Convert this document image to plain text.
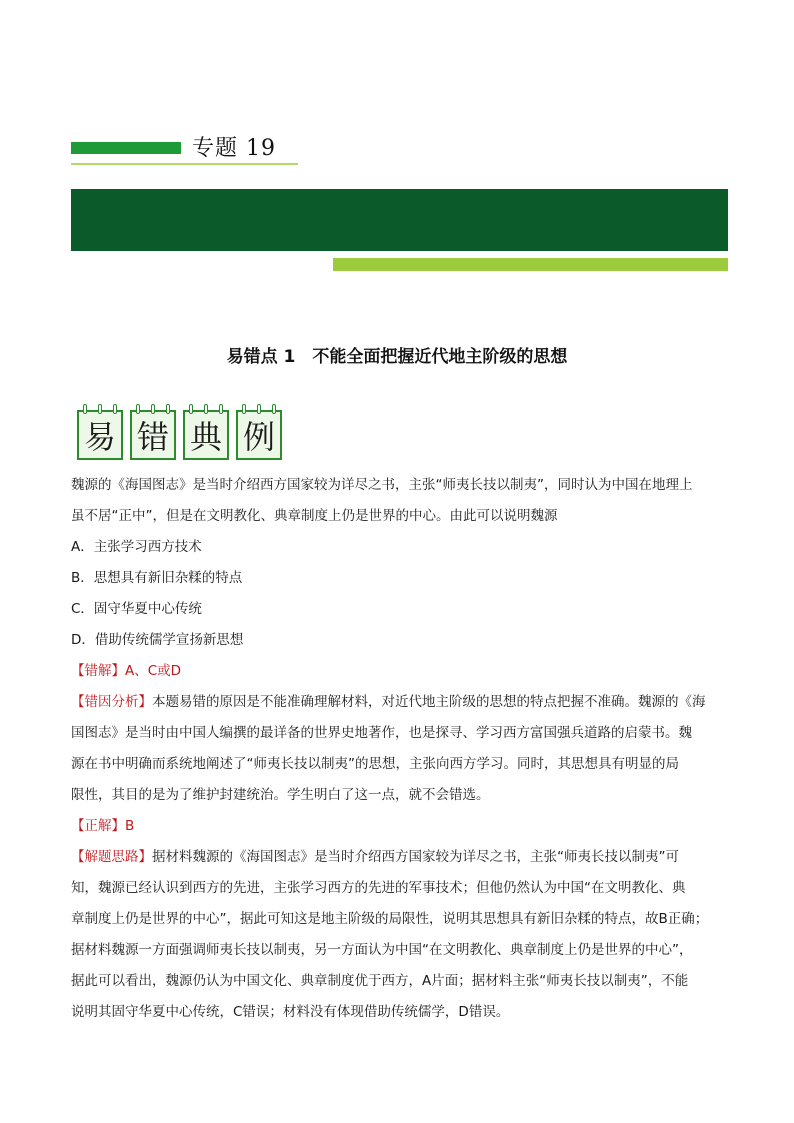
专题 19
易错点 1　不能全面把握近代地主阶级的思想
易 错 典 例
魏源的《海国图志》是当时介绍西方国家较为详尽之书，主张“师夷长技以制夷”，同时认为中国在地理上
虽不居“正中”，但是在文明教化、典章制度上仍是世界的中心。由此可以说明魏源
A．主张学习西方技术
B．思想具有新旧杂糅的特点
C．固守华夏中心传统
D．借助传统儒学宣扬新思想
【错解】A、C或D
【错因分析】本题易错的原因是不能准确理解材料，对近代地主阶级的思想的特点把握不准确。魏源的《海
国图志》是当时由中国人编撰的最详备的世界史地著作，也是探寻、学习西方富国强兵道路的启蒙书。魏
源在书中明确而系统地阐述了“师夷长技以制夷”的思想，主张向西方学习。同时，其思想具有明显的局
限性，其目的是为了维护封建统治。学生明白了这一点，就不会错选。
【正解】B
【解题思路】据材料魏源的《海国图志》是当时介绍西方国家较为详尽之书，主张“师夷长技以制夷”可
知，魏源已经认识到西方的先进，主张学习西方的先进的军事技术；但他仍然认为中国“在文明教化、典
章制度上仍是世界的中心”，据此可知这是地主阶级的局限性，说明其思想具有新旧杂糅的特点，故B正确；
据材料魏源一方面强调师夷长技以制夷，另一方面认为中国“在文明教化、典章制度上仍是世界的中心”，
据此可以看出，魏源仍认为中国文化、典章制度优于西方，A片面；据材料主张“师夷长技以制夷”，不能
说明其固守华夏中心传统，C错误；材料没有体现借助传统儒学，D错误。
